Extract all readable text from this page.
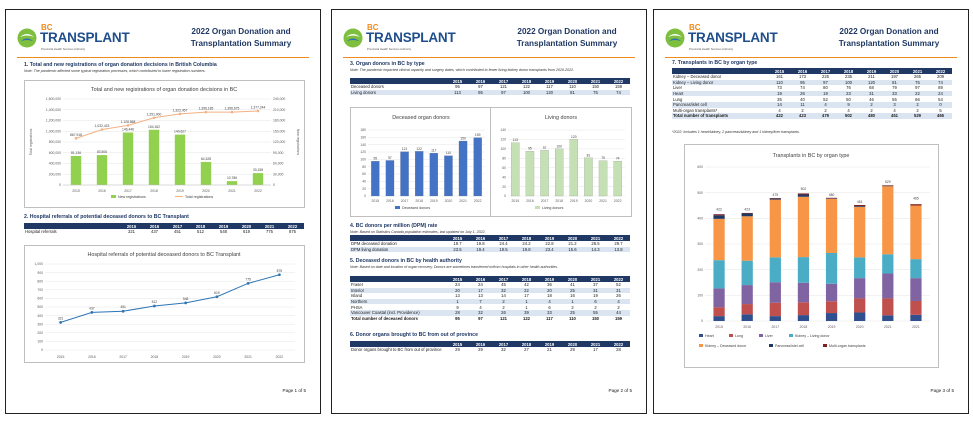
BC
TRANSPLANT
Provincial Health Services Authority
2022 Organ Donation and
Transplantation Summary
1. Total and new registrations of organ donation decisions in British Columbia
Note: The pandemic affected some typical registration processes, which contributed to lower registration numbers.
Total and new registrations of organ donation decisions in BC
1,600,000	240,000
1,400,000	210,000
1,200,000	180,000
1,000,000	150,000
800,000	120,000
600,000	90,000
400,000	60,000
200,000	30,000
0	0
Total registrations	New registrations
81,136
2015
83,506
2016
146,446
2017
154,162
2018
140,627
2019
64,328
2020
10,786
2021
33,158
2022
867,918
1,032,423
1,108,868
1,251,000
1,322,457	1,356,185	1,356,675	1,377,244
New registrations	Total registrations
2. Hospital referrals of potential deceased donors to BC Transplant
	2015	2016	2017	2018	2019	2020	2021	2022
Hospital referrals	321	437	451	512	548	619	775	875
Hospital referrals of potential deceased donors to BC Transplant
1,000
900
800
700
600
500
400
300
200
100
0
321
2015
437
2016
451
2017
512
2018
548
2019
619
2020
775
2021
875
2022
Page 1 of 5
BC
TRANSPLANT
Provincial Health Services Authority
2022 Organ Donation and
Transplantation Summary
3. Organ donors in BC by type
Note: The pandemic impacted clinical capacity and surgery dates, which contributed to fewer living kidney donor transplants from 2020-2022.
	2015	2016	2017	2018	2019	2020	2021	2022
Deceased donors	95	97	121	122	117	110	150	159
Living donors	113	95	97	100	120	81	75	74
Deceased organ donors
180
160
140
120
100
80
60
40
20
0
95
2015
97
2016
121
2017
122
2018
117
2019
110
2020
150
2021
159
2022
Deceased donors
Living donors
140
120
100
80
60
40
20
0
113
2015
95
2016
97
2017
100
2018
120
2019
81
2020
75
2021
74
2022
Living donors
4. BC donors per million (DPM) rate
Note: Based on Statistics Canada population estimates, last updated on July 1, 2022.
	2015	2016	2017	2018	2019	2020	2021	2022
DPM deceased donation	19.7	19.8	24.4	24.2	22.8	21.2	28.5	29.7
DPM living donation	23.5	19.4	19.5	19.8	23.4	15.6	14.3	13.8
5. Deceased donors in BC by health authority
Note: Based on date and location of organ recovery. Donors are sometimes transferred to/from hospitals in other health authorities.
	2015	2016	2017	2018	2019	2020	2021	2022
Fraser	24	24	45	42	36	41	37	52
Interior	20	17	32	22	20	25	31	31
Island	13	13	14	17	18	16	19	26
Northern	1	7	2	1	4	1	6	4
PHSA	9	4	2	1	6	2	2	2
Vancouver Coastal (incl. Providence)	28	32	26	39	33	25	55	44
Total number of deceased donors	95	97	121	122	117	110	150	159
6. Donor organs brought to BC from out of province
	2015	2016	2017	2018	2019	2020	2021	2022
Donor organs brought to BC from out of province	29	29	32	27	21	29	17	28
Page 2 of 5
BC
TRANSPLANT
Provincial Health Services Authority
2022 Organ Donation and
Transplantation Summary
7. Transplants in BC by organ type
	2015	2016	2017	2018	2019	2020	2021	2022
Kidney – Deceased donor	161	173	225	235	211	197	265	209
Kidney – Living donor	110	95	97	100	120	81	75	74
Liver	73	74	80	76	68	79	97	89
Heart	19	26	19	23	31	33	22	24
Lung	35	40	52	50	46	55	66	54
Pancreas/islet cell	14	11	4	9	2	3	2	0
Multi-organ transplants*	4	2	2	4	2	4	2	5
Total number of transplants	422	423	479	502	480	451	529	465
*2022: Includes 1 heart/kidney, 2 pancreas/kidney and 1 kidney/liver transplants.
Transplants in BC by organ type
600
500
400
300
200
100
0
422
2015
423
2016
479
2017
502
2018
480
2019
451
2020
529
2021
465
2021
Heart	Lung	Liver	Kidney – Living donor
Kidney – Deceased donor	Pancreas/islet cell	Multi-organ transplants
Page 3 of 5
